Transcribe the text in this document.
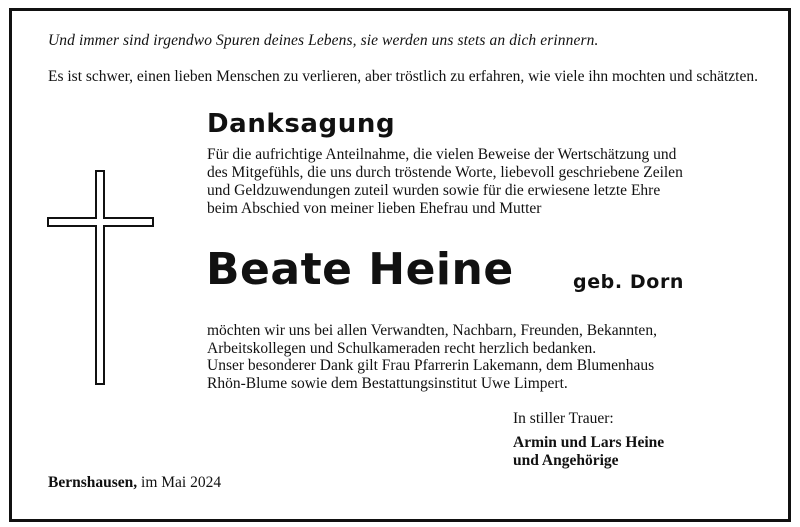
Und immer sind irgendwo Spuren deines Lebens, sie werden uns stets an dich erinnern.

Es ist schwer, einen lieben Menschen zu verlieren, aber tröstlich zu erfahren, wie viele ihn mochten und schätzten.

Danksagung
Für die aufrichtige Anteilnahme, die vielen Beweise der Wertschätzung und
des Mitgefühls, die uns durch tröstende Worte, liebevoll geschriebene Zeilen
und Geldzuwendungen zuteil wurden sowie für die erwiesene letzte Ehre
beim Abschied von meiner lieben Ehefrau und Mutter
Beate Heine	geb. Dorn
möchten wir uns bei allen Verwandten, Nachbarn, Freunden, Bekannten,
Arbeitskollegen und Schulkameraden recht herzlich bedanken.
Unser besonderer Dank gilt Frau Pfarrerin Lakemann, dem Blumenhaus
Rhön-Blume sowie dem Bestattungsinstitut Uwe Limpert.
In stiller Trauer:
Armin und Lars Heine
und Angehörige
Bernshausen, im Mai 2024
